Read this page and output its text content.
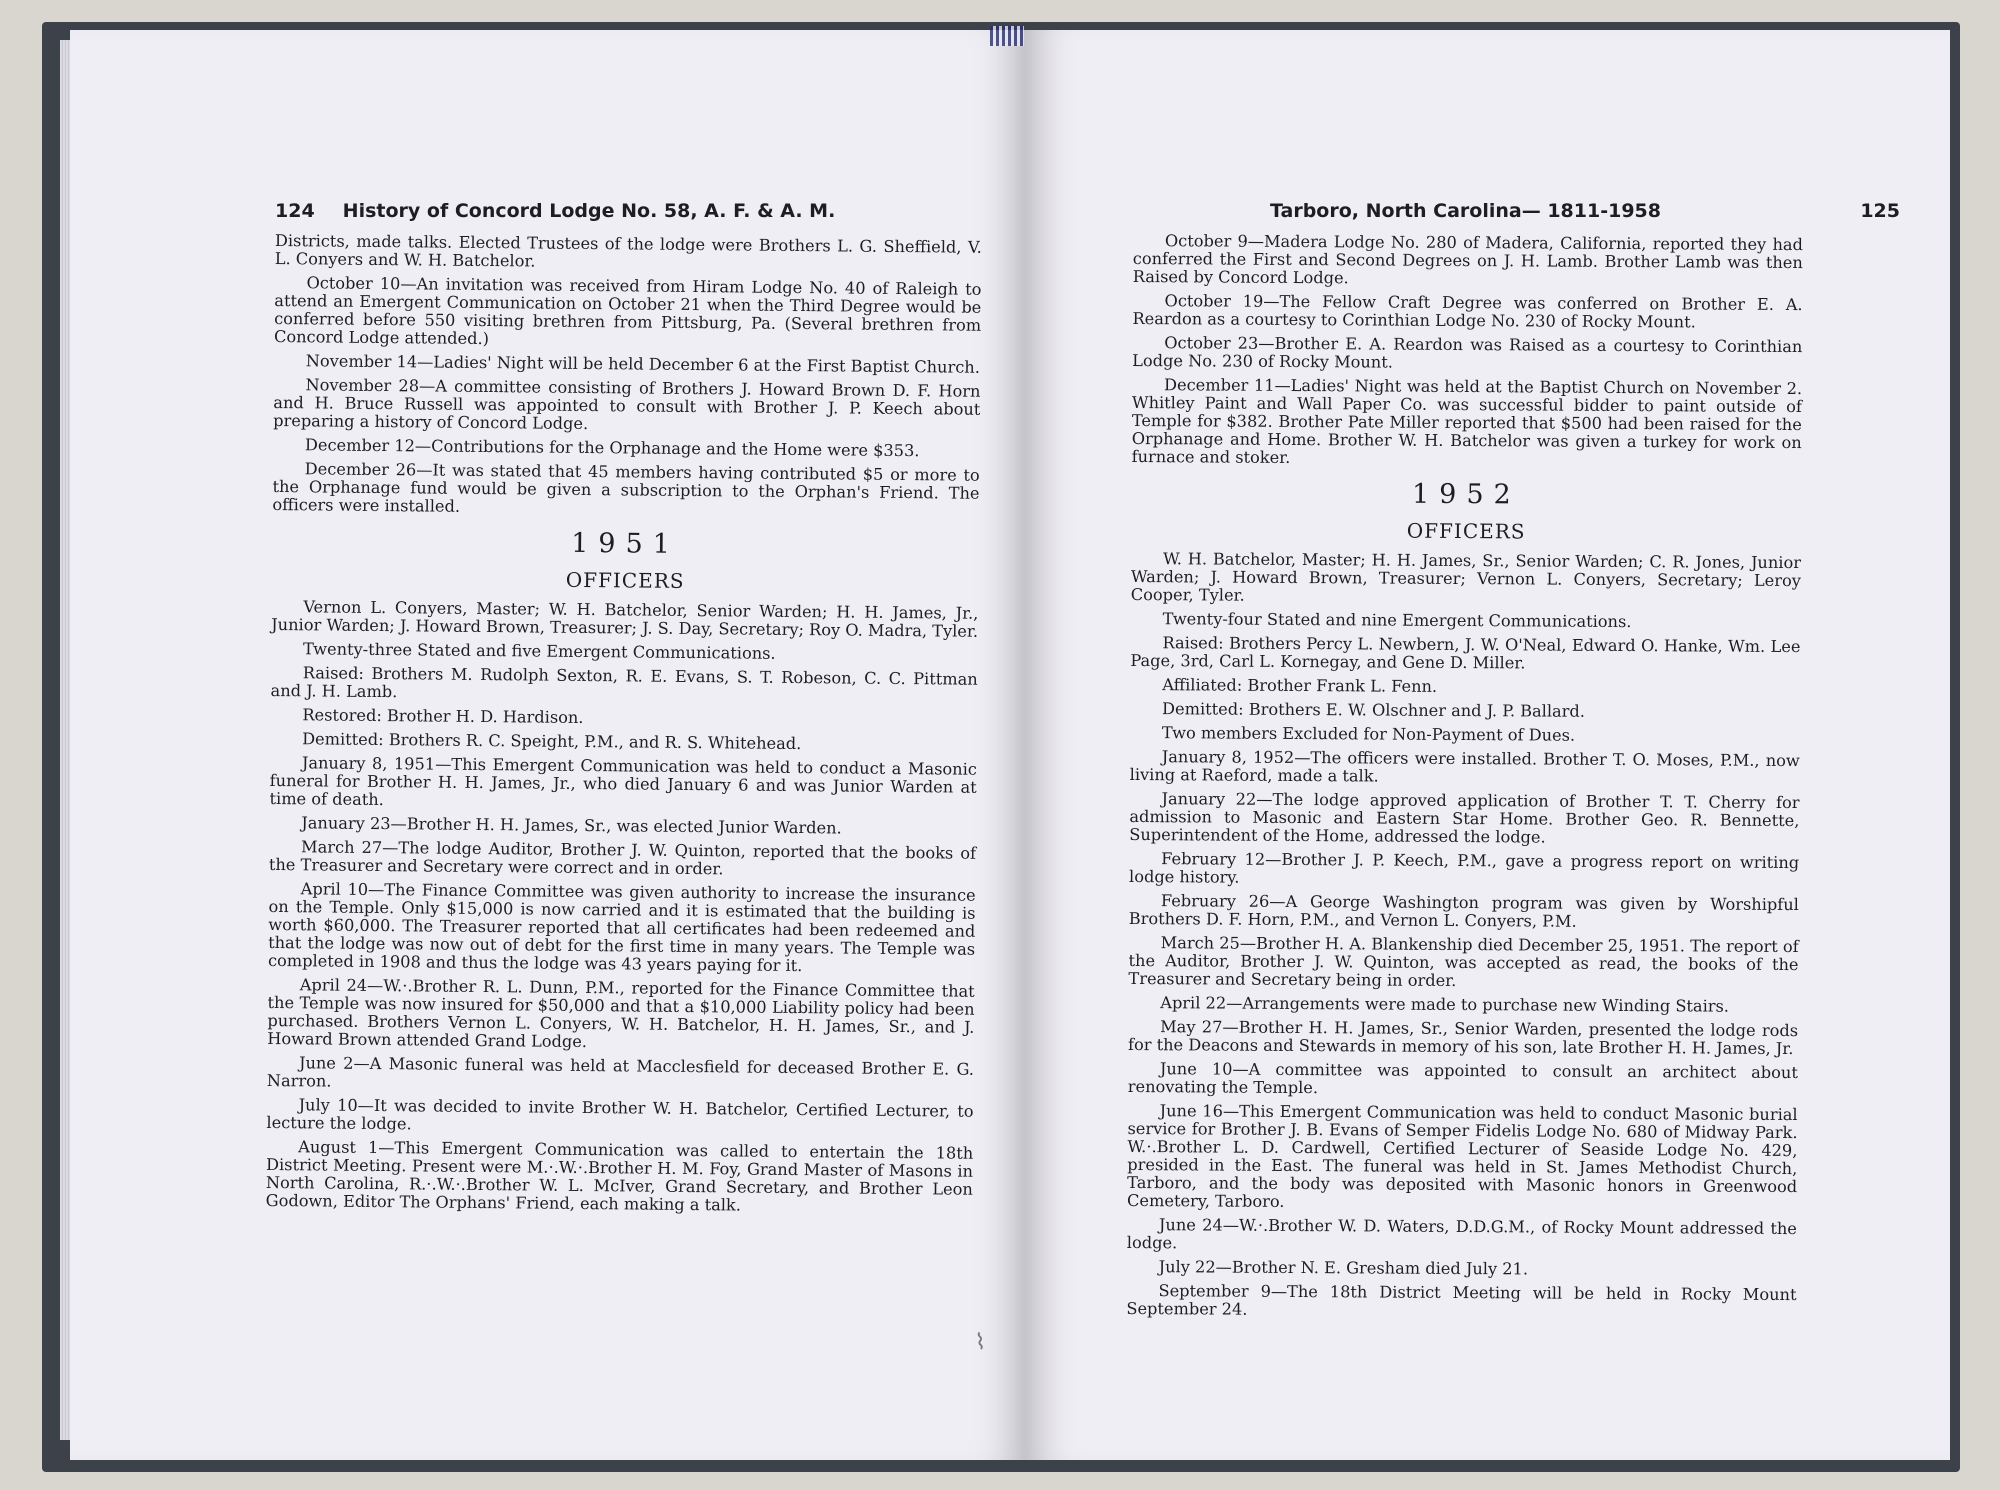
124 History of Concord Lodge No. 58, A. F. & A. M.

Districts, made talks. Elected Trustees of the lodge were Brothers L. G. Sheffield, V. L. Conyers and W. H. Batchelor.

October 10—An invitation was received from Hiram Lodge No. 40 of Raleigh to attend an Emergent Communication on October 21 when the Third Degree would be conferred before 550 visiting brethren from Pittsburg, Pa. (Several brethren from Concord Lodge attended.)

November 14—Ladies' Night will be held December 6 at the First Baptist Church.

November 28—A committee consisting of Brothers J. Howard Brown D. F. Horn and H. Bruce Russell was appointed to consult with Brother J. P. Keech about preparing a history of Concord Lodge.

December 12—Contributions for the Orphanage and the Home were $353.

December 26—It was stated that 45 members having contributed $5 or more to the Orphanage fund would be given a subscription to the Orphan's Friend. The officers were installed.

1951
OFFICERS

Vernon L. Conyers, Master; W. H. Batchelor, Senior Warden; H. H. James, Jr., Junior Warden; J. Howard Brown, Treasurer; J. S. Day, Secretary; Roy O. Madra, Tyler.

Twenty-three Stated and five Emergent Communications.

Raised: Brothers M. Rudolph Sexton, R. E. Evans, S. T. Robeson, C. C. Pittman and J. H. Lamb.

Restored: Brother H. D. Hardison.

Demitted: Brothers R. C. Speight, P.M., and R. S. Whitehead.

January 8, 1951—This Emergent Communication was held to conduct a Masonic funeral for Brother H. H. James, Jr., who died January 6 and was Junior Warden at time of death.

January 23—Brother H. H. James, Sr., was elected Junior Warden.

March 27—The lodge Auditor, Brother J. W. Quinton, reported that the books of the Treasurer and Secretary were correct and in order.

April 10—The Finance Committee was given authority to increase the insurance on the Temple. Only $15,000 is now carried and it is estimated that the building is worth $60,000. The Treasurer reported that all certificates had been redeemed and that the lodge was now out of debt for the first time in many years. The Temple was completed in 1908 and thus the lodge was 43 years paying for it.

April 24—W.·.Brother R. L. Dunn, P.M., reported for the Finance Committee that the Temple was now insured for $50,000 and that a $10,000 Liability policy had been purchased. Brothers Vernon L. Conyers, W. H. Batchelor, H. H. James, Sr., and J. Howard Brown attended Grand Lodge.

June 2—A Masonic funeral was held at Macclesfield for deceased Brother E. G. Narron.

July 10—It was decided to invite Brother W. H. Batchelor, Certified Lecturer, to lecture the lodge.

August 1—This Emergent Communication was called to entertain the 18th District Meeting. Present were M.·.W.·.Brother H. M. Foy, Grand Master of Masons in North Carolina, R.·.W.·.Brother W. L. McIver, Grand Secretary, and Brother Leon Godown, Editor The Orphans' Friend, each making a talk.

⌇
Tarboro, North Carolina— 1811-1958	125

October 9—Madera Lodge No. 280 of Madera, California, reported they had conferred the First and Second Degrees on J. H. Lamb. Brother Lamb was then Raised by Concord Lodge.

October 19—The Fellow Craft Degree was conferred on Brother E. A. Reardon as a courtesy to Corinthian Lodge No. 230 of Rocky Mount.

October 23—Brother E. A. Reardon was Raised as a courtesy to Corinthian Lodge No. 230 of Rocky Mount.

December 11—Ladies' Night was held at the Baptist Church on November 2. Whitley Paint and Wall Paper Co. was successful bidder to paint outside of Temple for $382. Brother Pate Miller reported that $500 had been raised for the Orphanage and Home. Brother W. H. Batchelor was given a turkey for work on furnace and stoker.

1952
OFFICERS

W. H. Batchelor, Master; H. H. James, Sr., Senior Warden; C. R. Jones, Junior Warden; J. Howard Brown, Treasurer; Vernon L. Conyers, Secretary; Leroy Cooper, Tyler.

Twenty-four Stated and nine Emergent Communications.

Raised: Brothers Percy L. Newbern, J. W. O'Neal, Edward O. Hanke, Wm. Lee Page, 3rd, Carl L. Kornegay, and Gene D. Miller.

Affiliated: Brother Frank L. Fenn.

Demitted: Brothers E. W. Olschner and J. P. Ballard.

Two members Excluded for Non-Payment of Dues.

January 8, 1952—The officers were installed. Brother T. O. Moses, P.M., now living at Raeford, made a talk.

January 22—The lodge approved application of Brother T. T. Cherry for admission to Masonic and Eastern Star Home. Brother Geo. R. Bennette, Superintendent of the Home, addressed the lodge.

February 12—Brother J. P. Keech, P.M., gave a progress report on writing lodge history.

February 26—A George Washington program was given by Worshipful Brothers D. F. Horn, P.M., and Vernon L. Conyers, P.M.

March 25—Brother H. A. Blankenship died December 25, 1951. The report of the Auditor, Brother J. W. Quinton, was accepted as read, the books of the Treasurer and Secretary being in order.

April 22—Arrangements were made to purchase new Winding Stairs.

May 27—Brother H. H. James, Sr., Senior Warden, presented the lodge rods for the Deacons and Stewards in memory of his son, late Brother H. H. James, Jr.

June 10—A committee was appointed to consult an architect about renovating the Temple.

June 16—This Emergent Communication was held to conduct Masonic burial service for Brother J. B. Evans of Semper Fidelis Lodge No. 680 of Midway Park. W.·.Brother L. D. Cardwell, Certified Lecturer of Seaside Lodge No. 429, presided in the East. The funeral was held in St. James Methodist Church, Tarboro, and the body was deposited with Masonic honors in Greenwood Cemetery, Tarboro.

June 24—W.·.Brother W. D. Waters, D.D.G.M., of Rocky Mount addressed the lodge.

July 22—Brother N. E. Gresham died July 21.

September 9—The 18th District Meeting will be held in Rocky Mount September 24.
